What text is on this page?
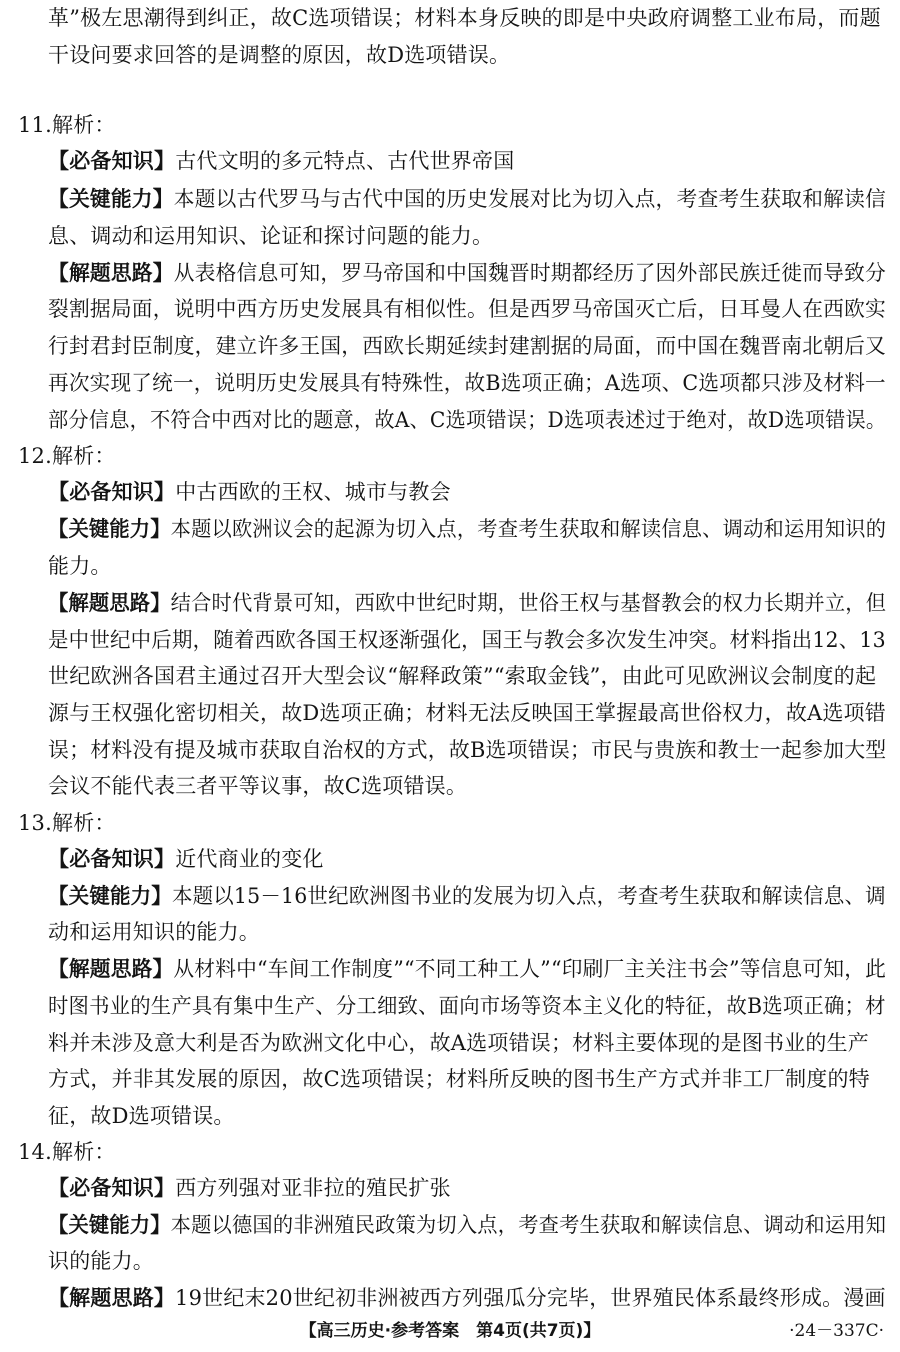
革”极左思潮得到纠正，故C选项错误；材料本身反映的即是中央政府调整工业布局，而题
干设问要求回答的是调整的原因，故D选项错误。
11.解析：
【必备知识】古代文明的多元特点、古代世界帝国
【关键能力】本题以古代罗马与古代中国的历史发展对比为切入点，考查考生获取和解读信
息、调动和运用知识、论证和探讨问题的能力。
【解题思路】从表格信息可知，罗马帝国和中国魏晋时期都经历了因外部民族迁徙而导致分
裂割据局面，说明中西方历史发展具有相似性。但是西罗马帝国灭亡后，日耳曼人在西欧实
行封君封臣制度，建立许多王国，西欧长期延续封建割据的局面，而中国在魏晋南北朝后又
再次实现了统一，说明历史发展具有特殊性，故B选项正确；A选项、C选项都只涉及材料一
部分信息，不符合中西对比的题意，故A、C选项错误；D选项表述过于绝对，故D选项错误。
12.解析：
【必备知识】中古西欧的王权、城市与教会
【关键能力】本题以欧洲议会的起源为切入点，考查考生获取和解读信息、调动和运用知识的
能力。
【解题思路】结合时代背景可知，西欧中世纪时期，世俗王权与基督教会的权力长期并立，但
是中世纪中后期，随着西欧各国王权逐渐强化，国王与教会多次发生冲突。材料指出12、13
世纪欧洲各国君主通过召开大型会议“解释政策”“索取金钱”，由此可见欧洲议会制度的起
源与王权强化密切相关，故D选项正确；材料无法反映国王掌握最高世俗权力，故A选项错
误；材料没有提及城市获取自治权的方式，故B选项错误；市民与贵族和教士一起参加大型
会议不能代表三者平等议事，故C选项错误。
13.解析：
【必备知识】近代商业的变化
【关键能力】本题以15－16世纪欧洲图书业的发展为切入点，考查考生获取和解读信息、调
动和运用知识的能力。
【解题思路】从材料中“车间工作制度”“不同工种工人”“印刷厂主关注书会”等信息可知，此
时图书业的生产具有集中生产、分工细致、面向市场等资本主义化的特征，故B选项正确；材
料并未涉及意大利是否为欧洲文化中心，故A选项错误；材料主要体现的是图书业的生产
方式，并非其发展的原因，故C选项错误；材料所反映的图书生产方式并非工厂制度的特
征，故D选项错误。
14.解析：
【必备知识】西方列强对亚非拉的殖民扩张
【关键能力】本题以德国的非洲殖民政策为切入点，考查考生获取和解读信息、调动和运用知
识的能力。
【解题思路】19世纪末20世纪初非洲被西方列强瓜分完毕，世界殖民体系最终形成。漫画
【高三历史·参考答案　第4页(共7页)】	·24－337C·
